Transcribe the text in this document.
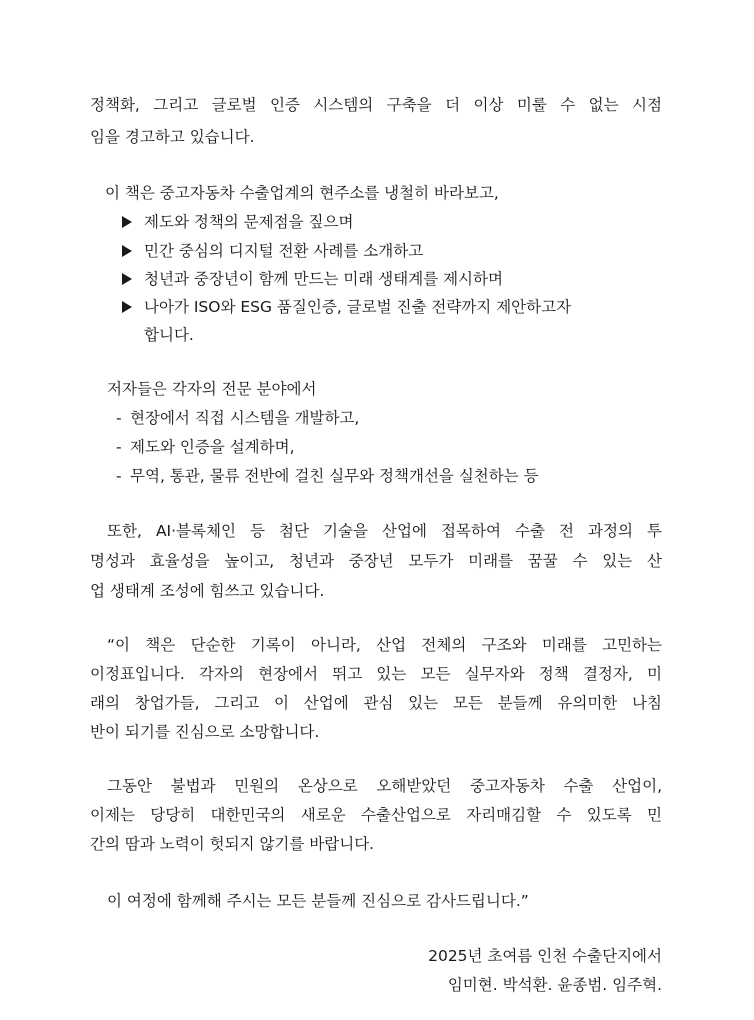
정책화, 그리고 글로벌 인증 시스템의 구축을 더 이상 미룰 수 없는 시점
임을 경고하고 있습니다.
이 책은 중고자동차 수출업계의 현주소를 냉철히 바라보고,
제도와 정책의 문제점을 짚으며
민간 중심의 디지털 전환 사례를 소개하고
청년과 중장년이 함께 만드는 미래 생태계를 제시하며
나아가 ISO와 ESG 품질인증, 글로벌 진출 전략까지 제안하고자
합니다.
저자들은 각자의 전문 분야에서
- 현장에서 직접 시스템을 개발하고,
- 제도와 인증을 설계하며,
- 무역, 통관, 물류 전반에 걸친 실무와 정책개선을 실천하는 등
또한, AI·블록체인 등 첨단 기술을 산업에 접목하여 수출 전 과정의 투
명성과 효율성을 높이고, 청년과 중장년 모두가 미래를 꿈꿀 수 있는 산
업 생태계 조성에 힘쓰고 있습니다.
“이 책은 단순한 기록이 아니라, 산업 전체의 구조와 미래를 고민하는
이정표입니다. 각자의 현장에서 뛰고 있는 모든 실무자와 정책 결정자, 미
래의 창업가들, 그리고 이 산업에 관심 있는 모든 분들께 유의미한 나침
반이 되기를 진심으로 소망합니다.
그동안 불법과 민원의 온상으로 오해받았던 중고자동차 수출 산업이,
이제는 당당히 대한민국의 새로운 수출산업으로 자리매김할 수 있도록 민
간의 땀과 노력이 헛되지 않기를 바랍니다.
이 여정에 함께해 주시는 모든 분들께 진심으로 감사드립니다.”
2025년 초여름 인천 수출단지에서
임미현. 박석환. 윤종범. 임주혁.
